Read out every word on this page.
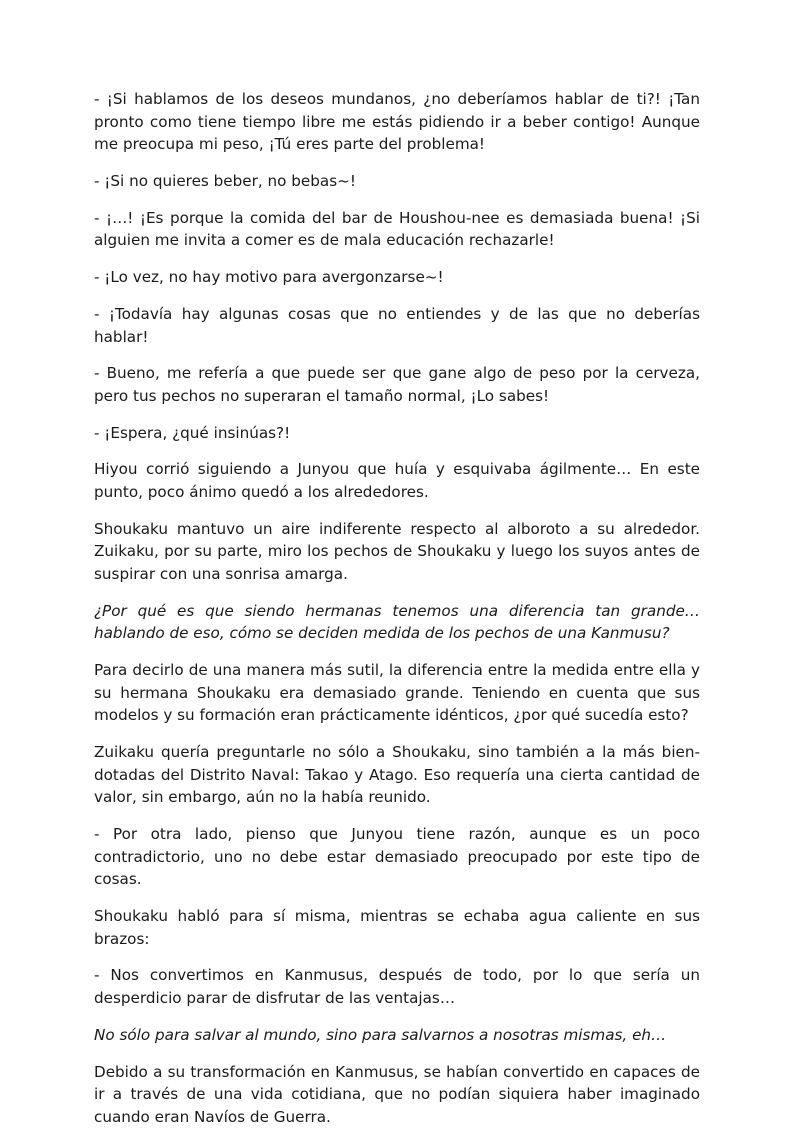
- ¡Si hablamos de los deseos mundanos, ¿no deberíamos hablar de ti?! ¡Tan pronto como tiene tiempo libre me estás pidiendo ir a beber contigo! Aunque me preocupa mi peso, ¡Tú eres parte del problema!

- ¡Si no quieres beber, no bebas~!

- ¡…! ¡Es porque la comida del bar de Houshou-nee es demasiada buena! ¡Si alguien me invita a comer es de mala educación rechazarle!

- ¡Lo vez, no hay motivo para avergonzarse~!

- ¡Todavía hay algunas cosas que no entiendes y de las que no deberías hablar!

- Bueno, me refería a que puede ser que gane algo de peso por la cerveza, pero tus pechos no superaran el tamaño normal, ¡Lo sabes!

- ¡Espera, ¿qué insinúas?!

Hiyou corrió siguiendo a Junyou que huía y esquivaba ágilmente… En este punto, poco ánimo quedó a los alrededores.

Shoukaku mantuvo un aire indiferente respecto al alboroto a su alrededor. Zuikaku, por su parte, miro los pechos de Shoukaku y luego los suyos antes de suspirar con una sonrisa amarga.

¿Por qué es que siendo hermanas tenemos una diferencia tan grande… hablando de eso, cómo se deciden medida de los pechos de una Kanmusu?

Para decirlo de una manera más sutil, la diferencia entre la medida entre ella y su hermana Shoukaku era demasiado grande. Teniendo en cuenta que sus modelos y su formación eran prácticamente idénticos, ¿por qué sucedía esto?

Zuikaku quería preguntarle no sólo a Shoukaku, sino también a la más bien-dotadas del Distrito Naval: Takao y Atago. Eso requería una cierta cantidad de valor, sin embargo, aún no la había reunido.

- Por otra lado, pienso que Junyou tiene razón, aunque es un poco contradictorio, uno no debe estar demasiado preocupado por este tipo de cosas.

Shoukaku habló para sí misma, mientras se echaba agua caliente en sus brazos:

- Nos convertimos en Kanmusus, después de todo, por lo que sería un desperdicio parar de disfrutar de las ventajas…

No sólo para salvar al mundo, sino para salvarnos a nosotras mismas, eh…

Debido a su transformación en Kanmusus, se habían convertido en capaces de ir a través de una vida cotidiana, que no podían siquiera haber imaginado cuando eran Navíos de Guerra.
